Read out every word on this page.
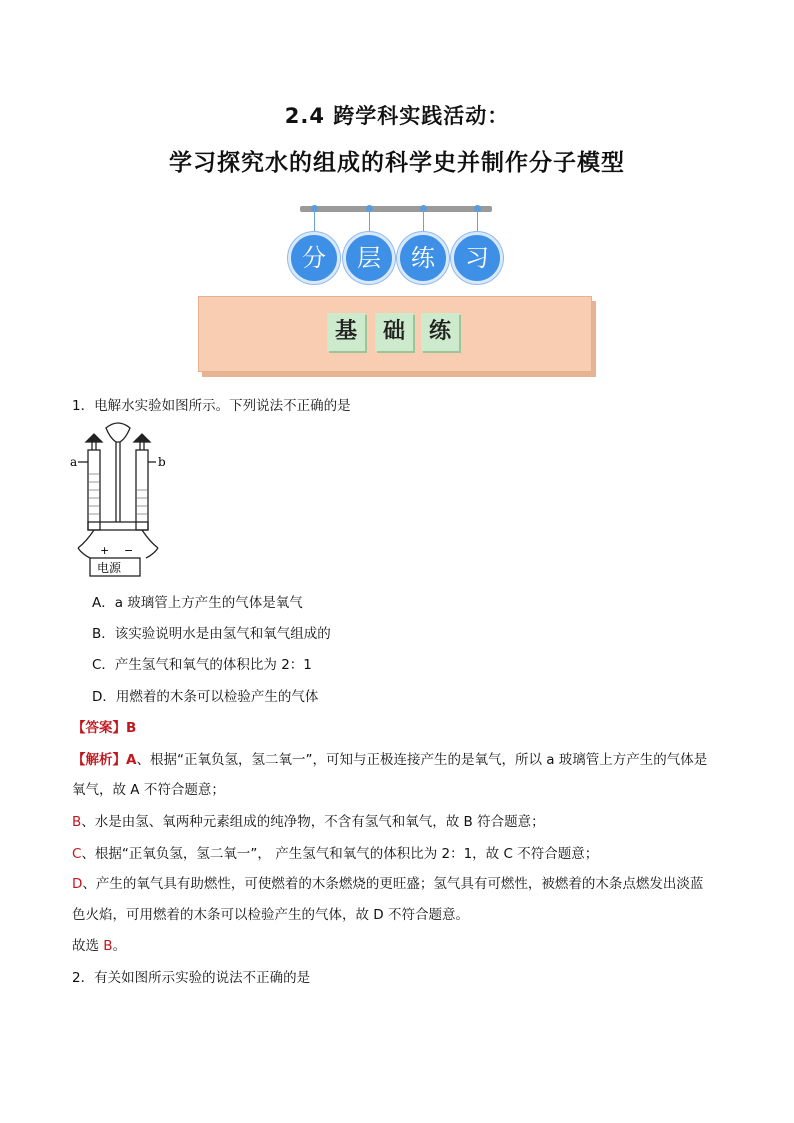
2.4 跨学科实践活动：
学习探究水的组成的科学史并制作分子模型
分	层	练	习
基	础	练
1．电解水实验如图所示。下列说法不正确的是
a	b
+ −
电源
A．a 玻璃管上方产生的气体是氧气
B．该实验说明水是由氢气和氧气组成的
C．产生氢气和氧气的体积比为 2：1
D．用燃着的木条可以检验产生的气体
【答案】B
【解析】A、根据“正氧负氢，氢二氧一”，可知与正极连接产生的是氧气，所以 a 玻璃管上方产生的气体是
氧气，故 A 不符合题意；
B、水是由氢、氧两种元素组成的纯净物，不含有氢气和氧气，故 B 符合题意；
C、根据“正氧负氢，氢二氧一”， 产生氢气和氧气的体积比为 2：1，故 C 不符合题意；
D、产生的氧气具有助燃性，可使燃着的木条燃烧的更旺盛；氢气具有可燃性，被燃着的木条点燃发出淡蓝
色火焰，可用燃着的木条可以检验产生的气体，故 D 不符合题意。
故选 B。
2．有关如图所示实验的说法不正确的是
